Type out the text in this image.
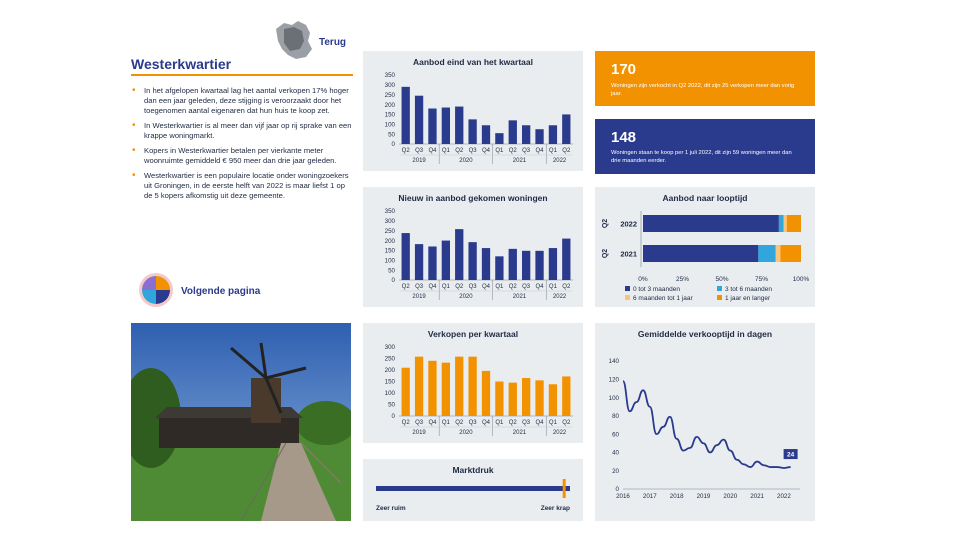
Terug
Westerkwartier
• In het afgelopen kwartaal lag het aantal verkopen 17% hoger dan een jaar geleden, deze stijging is veroorzaakt door het toegenomen aantal eigenaren dat hun huis te koop zet.
• In Westerkwartier is al meer dan vijf jaar op rij sprake van een krappe woningmarkt.
• Kopers in Westerkwartier betalen per vierkante meter woonruimte gemiddeld € 950 meer dan drie jaar geleden.
• Westerkwartier is een populaire locatie onder woningzoekers uit Groningen, in de eerste helft van 2022 is maar liefst 1 op de 5 kopers afkomstig uit deze gemeente.
Volgende pagina
Aanbod eind van het kwartaal
0
50
100
150
200
250
300
350
Q2 Q3 Q4 Q1 Q2 Q3 Q4 Q1 Q2 Q3 Q4 Q1 Q2
2019	2020	2021	2022
Nieuw in aanbod gekomen woningen
0
50
100
150
200
250
300
350
Q2 Q3 Q4 Q1 Q2 Q3 Q4 Q1 Q2 Q3 Q4 Q1 Q2
2019	2020	2021	2022
Verkopen per kwartaal
0
50
100
150
200
250
300
Q2 Q3 Q4 Q1 Q2 Q3 Q4 Q1 Q2 Q3 Q4 Q1 Q2
2019	2020	2021	2022
Marktdruk
Zeer ruim	Zeer krap
170
Woningen zijn verkocht in Q2 2022, dit zijn 25 verkopen meer dan vorig jaar.
148
Woningen staan te koop per 1 juli 2022, dit zijn 59 woningen meer dan drie maanden eerder.
Aanbod naar looptijd
2022
Q2
2021
Q2
0%	25%	50%	75%	100%
0 tot 3 maanden	3 tot 6 maanden
6 maanden tot 1 jaar	1 jaar en langer
Gemiddelde verkooptijd in dagen
0
20
40
60
80
100
120
140
2016 2017 2018 2019 2020 2021 2022
24
